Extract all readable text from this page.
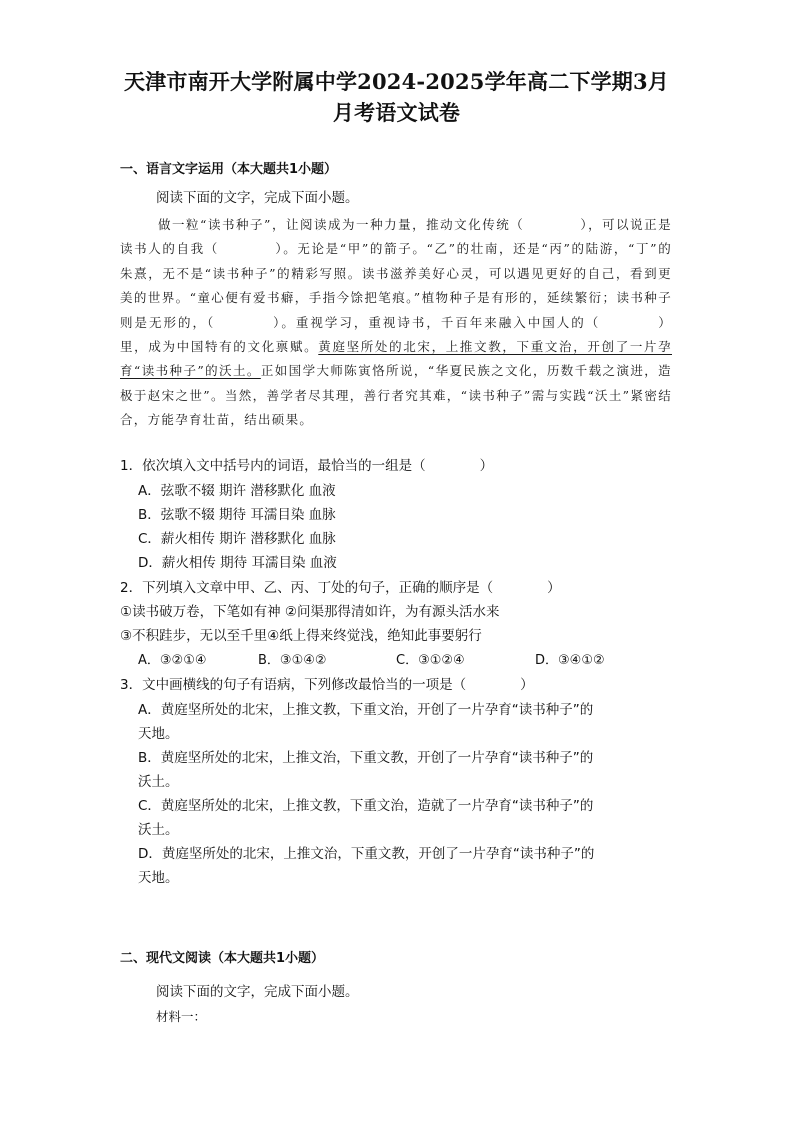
天津市南开大学附属中学2024-2025学年高二下学期3月
月考语文试卷
一、语言文字运用（本大题共1小题）
阅读下面的文字，完成下面小题。

做一粒“读书种子”，让阅读成为一种力量，推动文化传统（　　　　），可以说正是读书人的自我（　　　　）。无论是“甲”的箭子。“乙”的壮南，还是“丙”的陆游，“丁”的朱熹，无不是“读书种子”的精彩写照。读书滋养美好心灵，可以遇见更好的自己，看到更美的世界。“童心便有爱书癖，手指今馀把笔痕。”植物种子是有形的，延续繁衍；读书种子则是无形的，（　　　　）。重视学习，重视诗书，千百年来融入中国人的（　　　　）里，成为中国特有的文化禀赋。黄庭坚所处的北宋，上推文教，下重文治，开创了一片孕育“读书种子”的沃土。正如国学大师陈寅恪所说，“华夏民族之文化，历数千载之演进，造极于赵宋之世”。当然，善学者尽其理，善行者究其难，“读书种子”需与实践“沃土”紧密结合，方能孕育壮苗，结出硕果。

1．依次填入文中括号内的词语，最恰当的一组是（　　　　）
A．弦歌不辍 期许 潜移默化 血液
B．弦歌不辍 期待 耳濡目染 血脉
C．薪火相传 期许 潜移默化 血脉
D．薪火相传 期待 耳濡目染 血液
2．下列填入文章中甲、乙、丙、丁处的句子，正确的顺序是（　　　　）
①读书破万卷，下笔如有神 ②问渠那得清如许，为有源头活水来
③不积跬步，无以至千里④纸上得来终觉浅，绝知此事要躬行
A．③②①④	B．③①④②	C．③①②④	D．③④①②
3．文中画横线的句子有语病，下列修改最恰当的一项是（　　　　）
A．黄庭坚所处的北宋，上推文教，下重文治，开创了一片孕育“读书种子”的
天地。
B．黄庭坚所处的北宋，上推文治，下重文教，开创了一片孕育“读书种子”的
沃土。
C．黄庭坚所处的北宋，上推文教，下重文治，造就了一片孕育“读书种子”的
沃土。
D．黄庭坚所处的北宋，上推文治，下重文教，开创了一片孕育“读书种子”的
天地。
二、现代文阅读（本大题共1小题）
阅读下面的文字，完成下面小题。
材料一：
